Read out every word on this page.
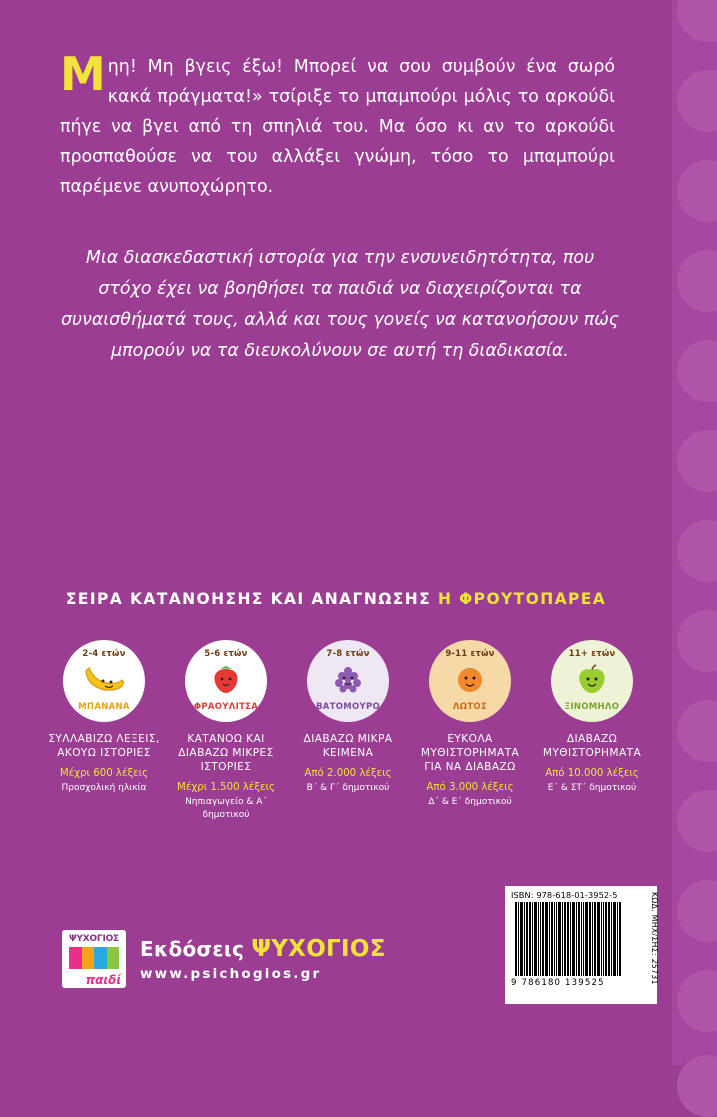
Μηη! Μη βγεις έξω! Μπορεί να σου συμβούν ένα σωρό κακά πράγματα!» τσίριξε το μπαμπούρι μόλις το αρκούδι πήγε να βγει από τη σπηλιά του. Μα όσο κι αν το αρκούδι προσπαθούσε να του αλλάξει γνώμη, τόσο το μπαμπούρι παρέμενε ανυποχώρητο.
Μια διασκεδαστική ιστορία για την ενσυνειδητότητα, που στόχο έχει να βοηθήσει τα παιδιά να διαχειρίζονται τα συναισθήματά τους, αλλά και τους γονείς να κατανοήσουν πώς μπορούν να τα διευκολύνουν σε αυτή τη διαδικασία.
ΣΕΙΡΑ ΚΑΤΑΝΟΗΣΗΣ ΚΑΙ ΑΝΑΓΝΩΣΗΣ Η ΦΡΟΥΤΟΠΑΡΕΑ
2-4 ετών
ΜΠΑΝΑΝΑ
ΣΥΛΛΑΒΙΖΩ ΛΕΞΕΙΣ, ΑΚΟΥΩ ΙΣΤΟΡΙΕΣ
Μέχρι 600 λέξεις
Προσχολική ηλικία
5-6 ετών
ΦΡΑΟΥΛΙΤΣΑ
ΚΑΤΑΝΟΩ ΚΑΙ ΔΙΑΒΑΖΩ ΜΙΚΡΕΣ ΙΣΤΟΡΙΕΣ
Μέχρι 1.500 λέξεις
Νηπιαγωγείο & Α΄ δημοτικού
7-8 ετών
ΒΑΤΟΜΟΥΡΟ
ΔΙΑΒΑΖΩ ΜΙΚΡΑ ΚΕΙΜΕΝΑ
Από 2.000 λέξεις
Β΄ & Γ΄ δημοτικού
9-11 ετών
ΛΩΤΟΣ
ΕΥΚΟΛΑ ΜΥΘΙΣΤΟΡΗΜΑΤΑ ΓΙΑ ΝΑ ΔΙΑΒΑΖΩ
Από 3.000 λέξεις
Δ΄ & Ε΄ δημοτικού
11+ ετών
ΞΙΝΟΜΗΛΟ
ΔΙΑΒΑΖΩ ΜΥΘΙΣΤΟΡΗΜΑΤΑ
Από 10.000 λέξεις
Ε΄ & ΣΤ΄ δημοτικού
ΨΥΧΟΓΙΟΣ
παιδί
Εκδόσεις ΨΥΧΟΓΙΟΣ
www.psichogios.gr
ISBN: 978-618-01-3952-5
9 786180 139525	ΚΩΔ. ΜΗΧ/ΣΗΣ: 25731
